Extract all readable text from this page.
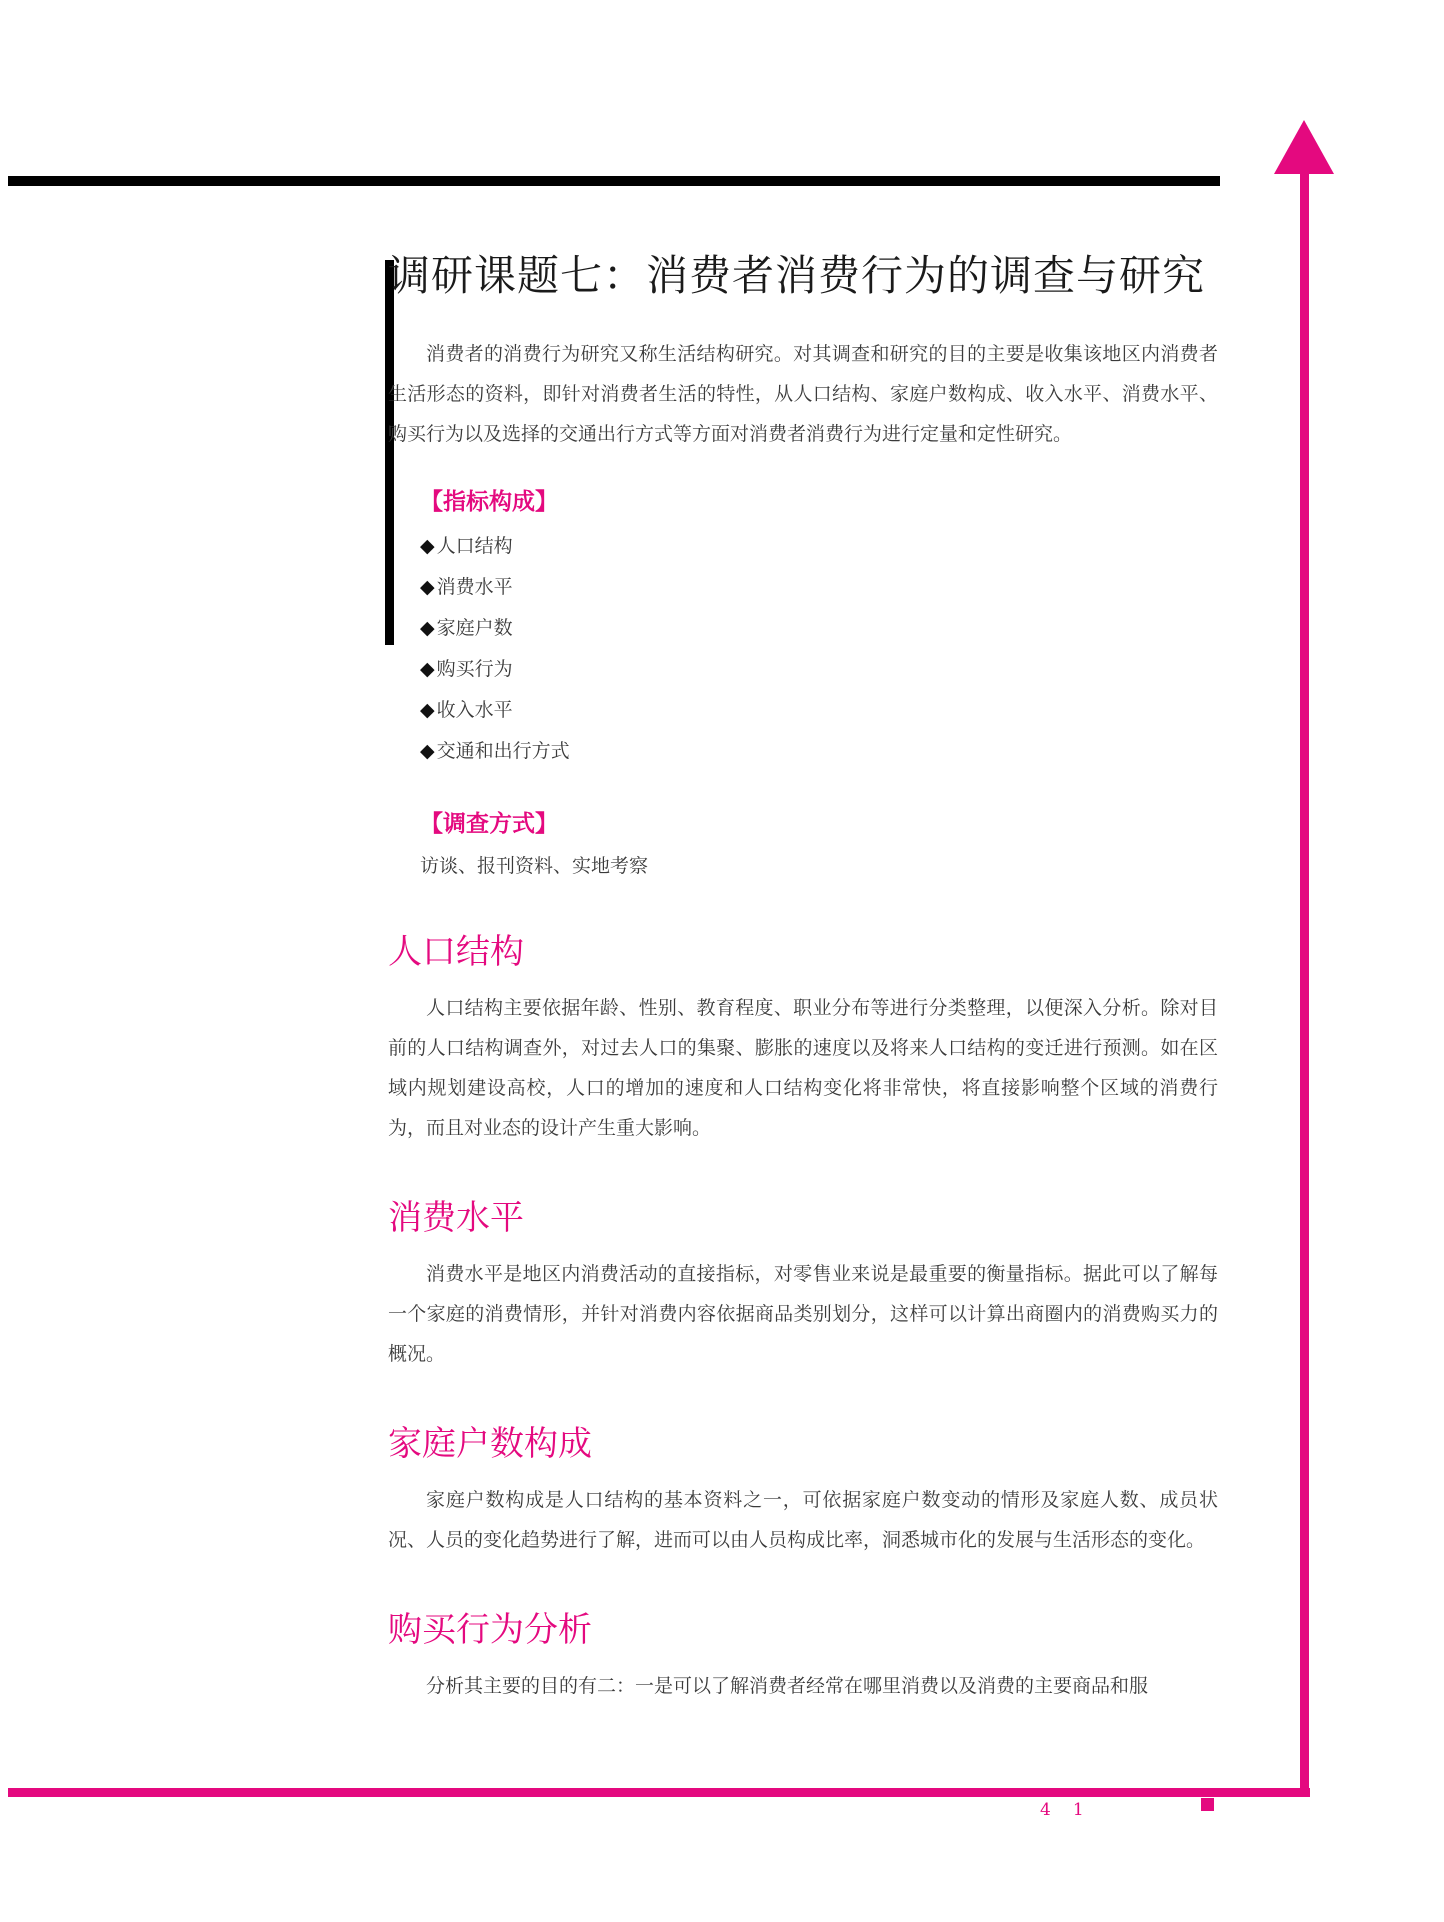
调研课题七：消费者消费行为的调查与研究

消费者的消费行为研究又称生活结构研究。对其调查和研究的目的主要是收集该地区内消费者生活形态的资料，即针对消费者生活的特性，从人口结构、家庭户数构成、收入水平、消费水平、购买行为以及选择的交通出行方式等方面对消费者消费行为进行定量和定性研究。

【指标构成】

◆ 人口结构
◆ 消费水平
◆ 家庭户数
◆ 购买行为
◆ 收入水平
◆ 交通和出行方式

【调查方式】

访谈、报刊资料、实地考察

人口结构

人口结构主要依据年龄、性别、教育程度、职业分布等进行分类整理，以便深入分析。除对目前的人口结构调查外，对过去人口的集聚、膨胀的速度以及将来人口结构的变迁进行预测。如在区域内规划建设高校，人口的增加的速度和人口结构变化将非常快，将直接影响整个区域的消费行为，而且对业态的设计产生重大影响。

消费水平

消费水平是地区内消费活动的直接指标，对零售业来说是最重要的衡量指标。据此可以了解每一个家庭的消费情形，并针对消费内容依据商品类别划分，这样可以计算出商圈内的消费购买力的概况。

家庭户数构成

家庭户数构成是人口结构的基本资料之一，可依据家庭户数变动的情形及家庭人数、成员状况、人员的变化趋势进行了解，进而可以由人员构成比率，洞悉城市化的发展与生活形态的变化。

购买行为分析

分析其主要的目的有二：一是可以了解消费者经常在哪里消费以及消费的主要商品和服

41
